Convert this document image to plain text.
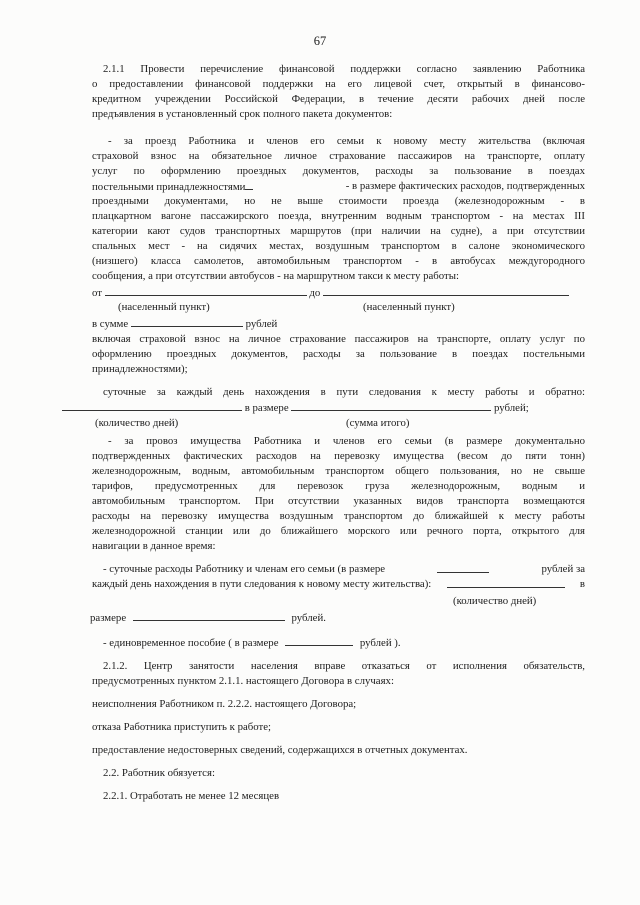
67
2.1.1 Провести перечисление финансовой поддержки согласно заявлению Работника
о предоставлении финансовой поддержки на его лицевой счет, открытый в финансово-
кредитном учреждении Российской Федерации, в течение десяти рабочих дней после
предъявления в установленный срок полного пакета документов:
- за проезд Работника и членов его семьи к новому месту жительства (включая
страховой взнос на обязательное личное страхование пассажиров на транспорте, оплату
услуг по оформлению проездных документов, расходы за пользование в поездах
постельными принадлежностями	- в размере фактических расходов, подтвержденных
проездными документами, но не выше стоимости проезда (железнодорожным - в
плацкартном вагоне пассажирского поезда, внутренним водным транспортом - на местах III
категории кают судов транспортных маршрутов (при наличии на судне), а при отсутствии
спальных мест - на сидячих местах, воздушным транспортом в салоне экономического
(низшего) класса самолетов, автомобильным транспортом - в автобусах междугородного
сообщения, а при отсутствии автобусов - на маршрутном такси к месту работы:
от	до
(населенный пункт)	(населенный пункт)
в сумме	рублей
включая страховой взнос на личное страхование пассажиров на транспорте, оплату услуг по
оформлению проездных документов, расходы за пользование в поездах постельными
принадлежностями);
суточные за каждый день нахождения в пути следования к месту работы и обратно:
в размере	рублей;
(количество дней)	(сумма итого)
- за провоз имущества Работника и членов его семьи (в размере документально
подтвержденных фактических расходов на перевозку имущества (весом до пяти тонн)
железнодорожным, водным, автомобильным транспортом общего пользования, но не свыше
тарифов, предусмотренных для перевозок груза железнодорожным, водным и
автомобильным транспортом. При отсутствии указанных видов транспорта возмещаются
расходы на перевозку имущества воздушным транспортом до ближайшей к месту работы
железнодорожной станции или до ближайшего морского или речного порта, открытого для
навигации в данное время:
- суточные расходы Работнику и членам его семьи (в размере	рублей за
каждый день нахождения в пути следования к новому месту жительства):	в
(количество дней)
размере	рублей.
- единовременное пособие ( в размере	рублей ).
2.1.2. Центр занятости населения вправе отказаться от исполнения обязательств,
предусмотренных пунктом 2.1.1. настоящего Договора в случаях:
неисполнения Работником п. 2.2.2. настоящего Договора;
отказа Работника приступить к работе;
предоставление недостоверных сведений, содержащихся в отчетных документах.
2.2. Работник обязуется:
2.2.1. Отработать не менее 12 месяцев
